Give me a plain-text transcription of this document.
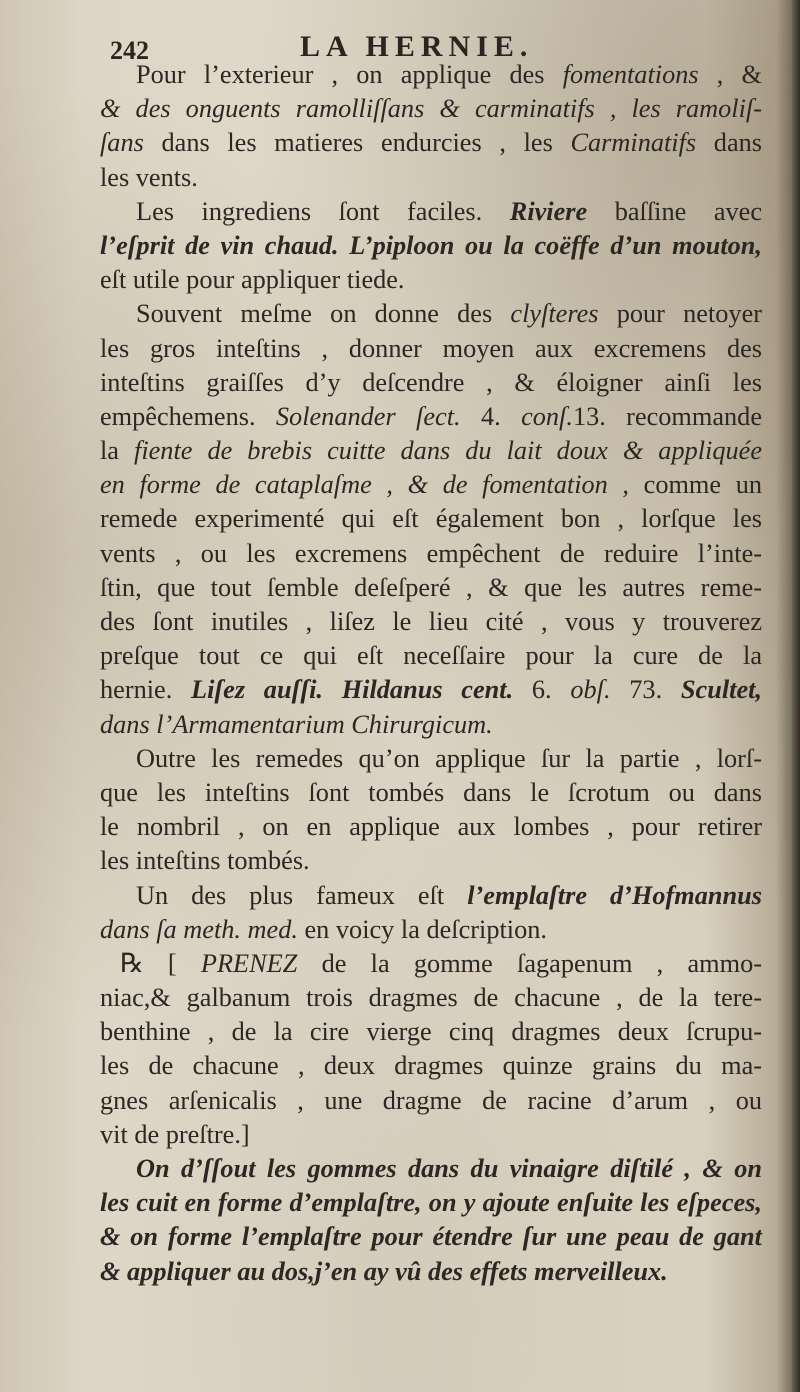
242	LA HERNIE.
Pour l’exterieur , on applique des fomentations , &
& des onguents ramolliſſans & carminatifs , les ramoliſ-
ſans dans les matieres endurcies , les Carminatifs dans
les vents.
Les ingrediens ſont faciles. Riviere baſſine avec
l’eſprit de vin chaud. L’piploon ou la coëffe d’un mouton,
eſt utile pour appliquer tiede.
Souvent meſme on donne des clyſteres pour netoyer
les gros inteſtins , donner moyen aux excremens des
inteſtins graiſſes d’y deſcendre , & éloigner ainſi les
empêchemens. Solenander ſect. 4. conſ.13. recommande
la fiente de brebis cuitte dans du lait doux & appliquée
en forme de cataplaſme , & de fomentation , comme un
remede experimenté qui eſt également bon , lorſque les
vents , ou les excremens empêchent de reduire l’inte-
ſtin, que tout ſemble deſeſperé , & que les autres reme-
des ſont inutiles , liſez le lieu cité , vous y trouverez
preſque tout ce qui eſt neceſſaire pour la cure de la
hernie. Liſez auſſi. Hildanus cent. 6. obſ. 73. Scultet,
dans l’Armamentarium Chirurgicum.
Outre les remedes qu’on applique ſur la partie , lorſ-
que les inteſtins ſont tombés dans le ſcrotum ou dans
le nombril , on en applique aux lombes , pour retirer
les inteſtins tombés.
Un des plus fameux eſt l’emplaſtre d’Hofmannus
dans ſa meth. med. en voicy la deſcription.
℞ [ PRENEZ de la gomme ſagapenum , ammo-
niac,& galbanum trois dragmes de chacune , de la tere-
benthine , de la cire vierge cinq dragmes deux ſcrupu-
les de chacune , deux dragmes quinze grains du ma-
gnes arſenicalis , une dragme de racine d’arum , ou
vit de preſtre.]
On d’ſſout les gommes dans du vinaigre diſtilé , & on
les cuit en forme d’emplaſtre, on y ajoute enſuite les eſpeces,
& on forme l’emplaſtre pour étendre ſur une peau de gant
& appliquer au dos,j’en ay vû des effets merveilleux.
